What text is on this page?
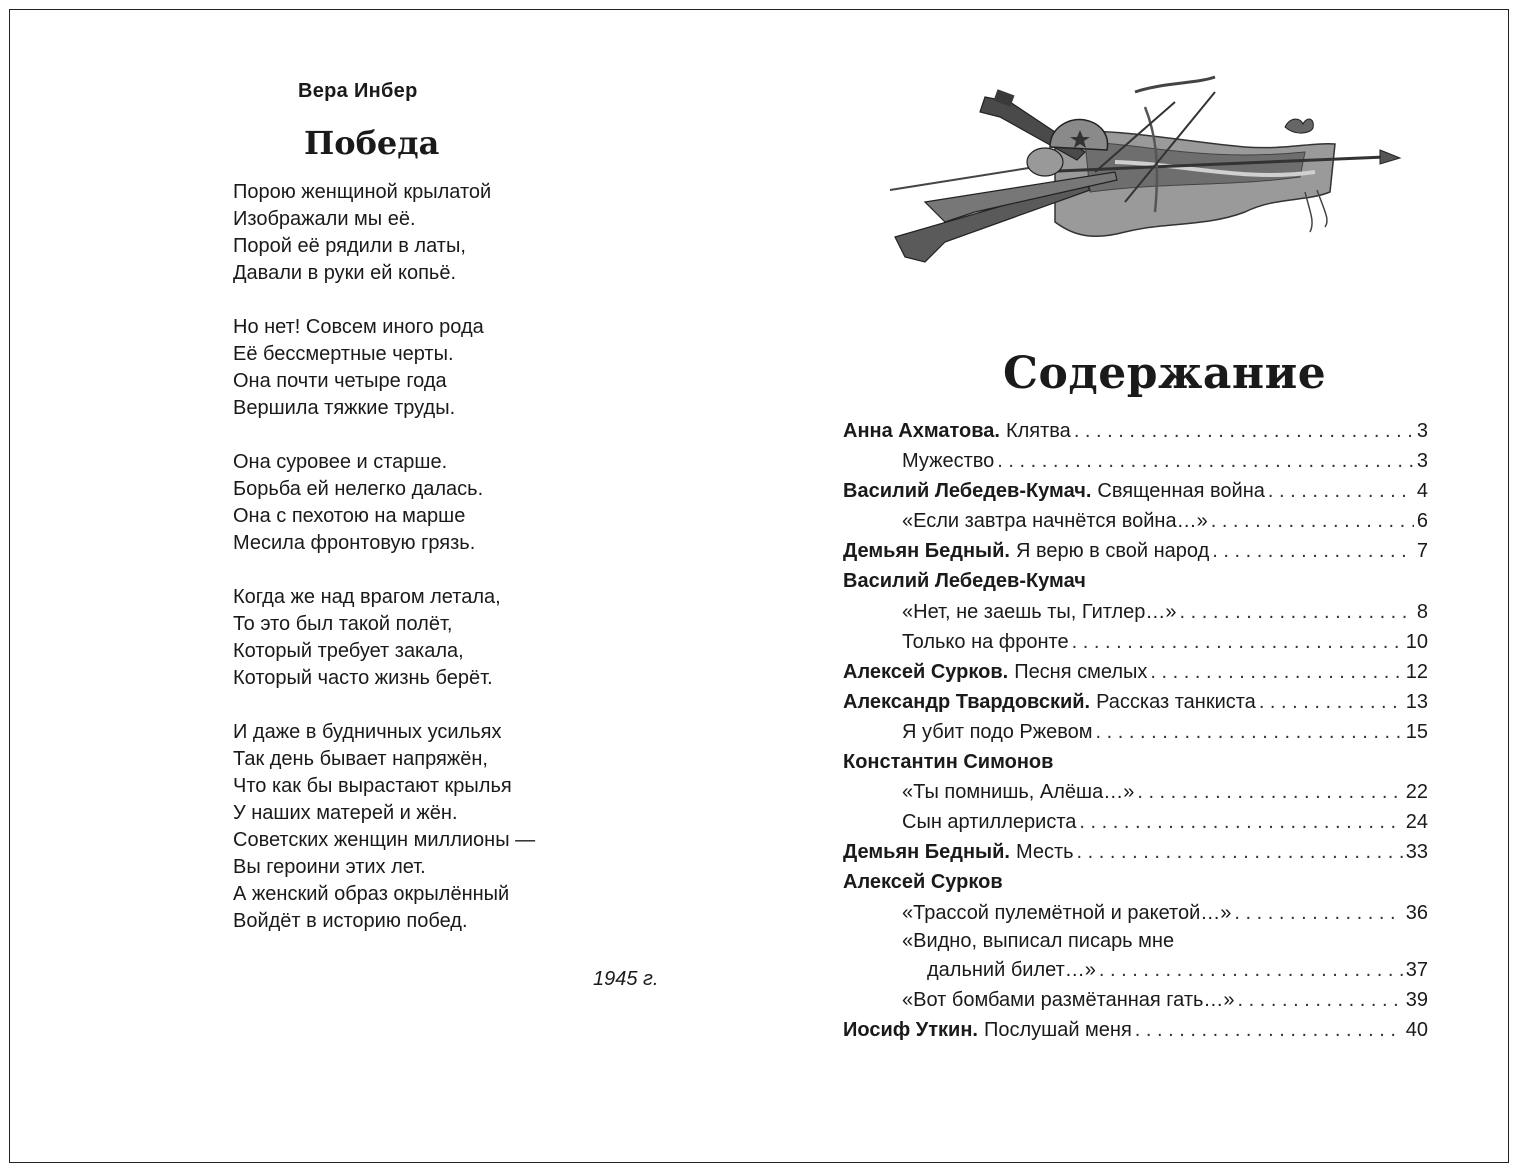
Вера Инбер
Победа
Порою женщиной крылатой
Изображали мы её.
Порой её рядили в латы,
Давали в руки ей копьё.
Но нет! Совсем иного рода
Её бессмертные черты.
Она почти четыре года
Вершила тяжкие труды.
Она суровее и старше.
Борьба ей нелегко далась.
Она с пехотою на марше
Месила фронтовую грязь.
Когда же над врагом летала,
То это был такой полёт,
Который требует закала,
Который часто жизнь берёт.
И даже в будничных усильях
Так день бывает напряжён,
Что как бы вырастают крылья
У наших матерей и жён.
Советских женщин миллионы —
Вы героини этих лет.
А женский образ окрылённый
Войдёт в историю побед.
1945 г.
Содержание
Анна Ахматова. Клятва . . .	3
Мужество . . .	3
Василий Лебедев-Кумач. Священная война . . .	4
«Если завтра начнётся война…» . . .	6
Демьян Бедный. Я верю в свой народ . . .	7
Василий Лебедев-Кумач
«Нет, не заешь ты, Гитлер…» . . .	8
Только на фронте . . .	10
Алексей Сурков. Песня смелых . . .	12
Александр Твардовский. Рассказ танкиста . . .	13
Я убит подо Ржевом . . .	15
Константин Симонов
«Ты помнишь, Алёша…» . . .	22
Сын артиллериста . . .	24
Демьян Бедный. Месть . . .	33
Алексей Сурков
«Трассой пулемётной и ракетой…» . . .	36
«Видно, выписал писарь мне
дальний билет…» . . .	37
«Вот бомбами размётанная гать…» . . .	39
Иосиф Уткин. Послушай меня . . .	40
